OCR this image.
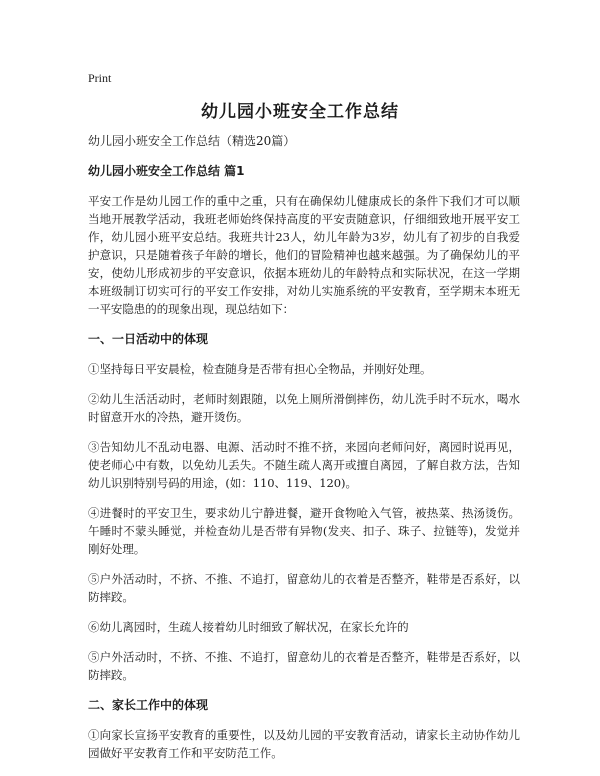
Print
幼儿园小班安全工作总结

幼儿园小班安全工作总结（精选20篇）

幼儿园小班安全工作总结 篇1

平安工作是幼儿园工作的重中之重，只有在确保幼儿健康成长的条件下我们才可以顺当地开展教学活动，我班老师始终保持高度的平安责随意识，仔细细致地开展平安工作，幼儿园小班平安总结。我班共计23人，幼儿年龄为3岁，幼儿有了初步的自我爱护意识，只是随着孩子年龄的增长，他们的冒险精神也越来越强。为了确保幼儿的平安，使幼儿形成初步的平安意识，依据本班幼儿的年龄特点和实际状况，在这一学期本班级制订切实可行的平安工作安排，对幼儿实施系统的平安教育，至学期末本班无一平安隐患的的现象出现，现总结如下：

一、一日活动中的体现

①坚持每日平安晨检，检查随身是否带有担心全物品，并刚好处理。

②幼儿生活活动时，老师时刻跟随，以免上厕所滑倒摔伤，幼儿洗手时不玩水，喝水时留意开水的冷热，避开烫伤。

③告知幼儿不乱动电器、电源、活动时不推不挤，来园向老师问好，离园时说再见，使老师心中有数，以免幼儿丢失。不随生疏人离开或擅自离园，了解自救方法，告知幼儿识别特别号码的用途，(如：110、119、120)。

④进餐时的平安卫生，要求幼儿宁静进餐，避开食物呛入气管，被热菜、热汤烫伤。午睡时不蒙头睡觉，并检查幼儿是否带有异物(发夹、扣子、珠子、拉链等)，发觉并刚好处理。

⑤户外活动时，不挤、不推、不追打，留意幼儿的衣着是否整齐，鞋带是否系好，以防摔跤。

⑥幼儿离园时，生疏人接着幼儿时细致了解状况，在家长允许的

⑤户外活动时，不挤、不推、不追打，留意幼儿的衣着是否整齐，鞋带是否系好，以防摔跤。

二、家长工作中的体现

①向家长宣扬平安教育的重要性，以及幼儿园的平安教育活动，请家长主动协作幼儿园做好平安教育工作和平安防范工作。
